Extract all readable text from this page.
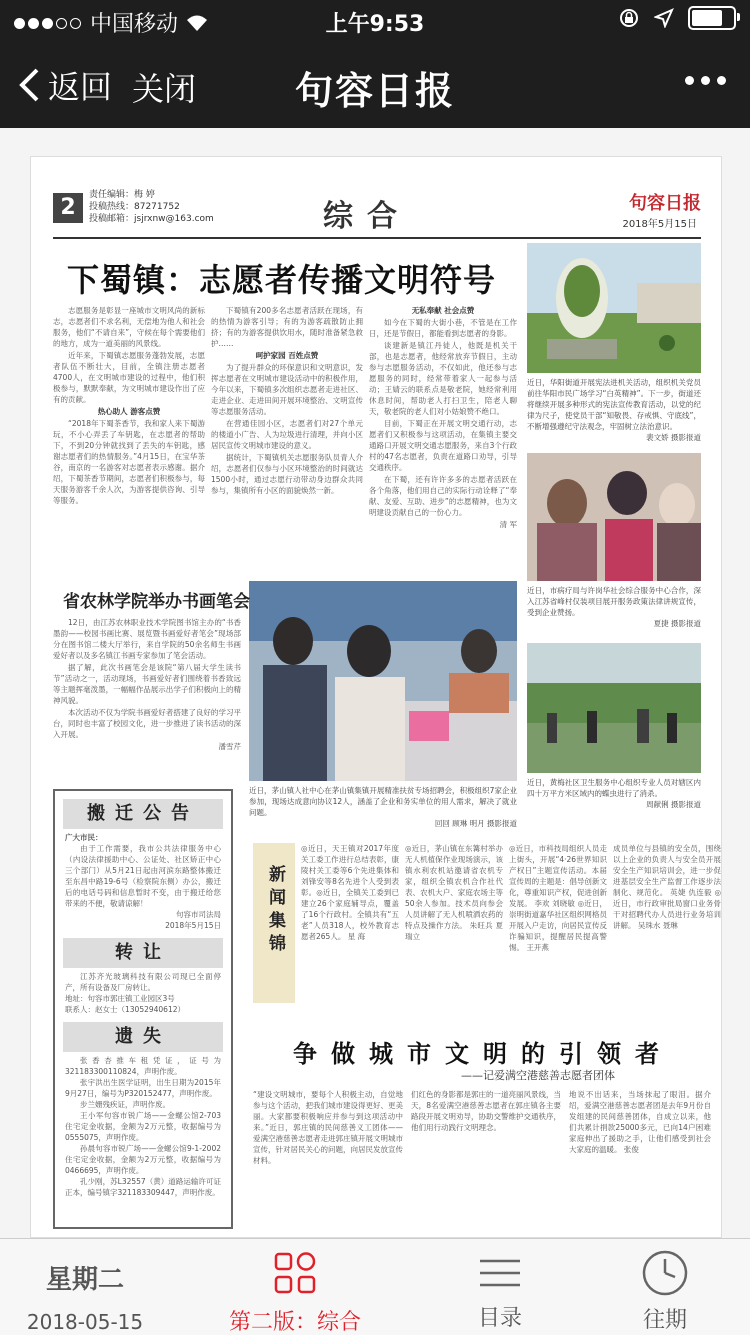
中国移动	上午9:53
返回 关闭	句容日报
2	责任编辑：梅 婷
投稿热线：87271752
投稿邮箱：jsjrxnw@163.com	综合	句容日报
2018年5月15日
下蜀镇：志愿者传播文明符号

志愿服务是彰显一座城市文明风尚的新标志，志愿者们不求名利，无偿地为他人和社会服务，他们“不请自来”，守候在每个需要他们的地方，成为一道美丽的风景线。

近年来，下蜀镇志愿服务蓬勃发展，志愿者队伍不断壮大，目前，全镇注册志愿者4700人，在文明城市建设的过程中，他们积极参与，默默奉献，为文明城市建设作出了应有的贡献。

热心助人 游客点赞

“2018年下蜀茶香节，我和家人来下蜀游玩，不小心弄丢了车钥匙，在志愿者的帮助下，不到20分钟就找到了丢失的车钥匙，感谢志愿者们的热情服务。”4月15日，在宝华茶谷，南京的一名游客对志愿者表示感谢。据介绍，下蜀茶香节期间，志愿者们积极参与，每天服务游客千余人次，为游客提供咨询、引导等服务。

下蜀镇有200多名志愿者活跃在现场，有的热情为游客引导；有的为游客疏散防止拥挤；有的为游客提供饮用水，随时准备紧急救护……

呵护家园 百姓点赞

为了提升群众的环保意识和文明意识，发挥志愿者在文明城市建设活动中的积极作用，今年以来，下蜀镇多次组织志愿者走进社区、走进企业、走进田间开展环境整治、文明宣传等志愿服务活动。

在营通佳园小区，志愿者们对27个单元的楼道小广告、人为垃圾进行清理，并向小区居民宣传文明城市建设的意义。

据统计，下蜀镇机关志愿服务队员青人介绍，志愿者们仅参与小区环境整治的时间就达1500小时，通过志愿行动带动身边群众共同参与，集镇所有小区的面貌焕然一新。

无私奉献 社会点赞

如今在下蜀的大街小巷，不管是在工作日，还是节假日，都能看到志愿者的身影。

谈建新是镇江丹徒人，他既是机关干部，也是志愿者，他经常放弃节假日，主动参与志愿服务活动，不仅如此，他还参与志愿服务的同时，经常带着家人一起参与活动；王婧云的联系点是敬老院，她经常利用休息时间，帮助老人打扫卫生，陪老人聊天，敬老院的老人们对小姑娘赞不绝口。

目前，下蜀正在开展文明交通行动，志愿者们又积极参与这项活动，在集镇主要交通路口开展文明交通志愿服务，来自3个行政村的47名志愿者，负责在道路口劝导，引导交通秩序。

在下蜀，还有许许多多的志愿者活跃在各个角落，他们用自己的实际行动诠释了“奉献、友爱、互助、进步”的志愿精神，也为文明建设贡献自己的一份心力。

清 军
近日，华阳街道开展宪法进机关活动，组织机关党员前往华阳市民广场学习“白英精神”。下一步，街道还将继续开展多种形式的宪法宣传教育活动，以党的纪律为尺子，使党员干部“知敬畏、存戒惧、守底线”，不断增强遵纪守法观念，牢固树立法治意识。
裴文娇 摄影报道
近日，市病疗局与许岗华社会综合服务中心合作，深入江苏省峰村仅装项目展开服务政策法律讲规宣传，受到企业赞扬。
夏捷 摄影报道
近日，茅山镇人社中心在茅山镇集镇开展精准扶贫专场招聘会，积极组织7家企业参加，现场达成意向协议12人，涵盖了企业和务实单位的用人需求，解决了就业问题。
回回 顾琳 明月 摄影报道
近日，黄梅社区卫生服务中心组织专业人员对辖区内四十万平方米区域内的蝶虫进行了消杀。
周献俐 摄影报道
省农林学院举办书画笔会

12日，由江苏农林职业技术学院图书馆主办的“书香墨韵——校园书画比赛、展览暨书画爱好者笔会”现场部分在图书馆二楼大厅举行，来自学院的50余名师生书画爱好者以及多名镇江书画专家参加了笔会活动。

据了解，此次书画笔会是该院“第八届大学生读书节”活动之一，活动现场，书画爱好者们围绕着书香致远等主题挥毫泼墨，一幅幅作品展示出学子们积极向上的精神风貌。

本次活动不仅为学院书画爱好者搭建了良好的学习平台，同时也丰富了校园文化，进一步推进了读书活动的深入开展。

潘雪芹
搬迁公告
广大市民：

由于工作需要，我市公共法律服务中心（内设法律援助中心、公证处、社区矫正中心三个部门）从5月21日起由河滨东路整体搬迁至东昌中路19-6号（检察院东侧）办公，搬迁后的电话号码和信息暂时不变，由于搬迁给您带来的不便，敬请谅解！

句容市司法局
2018年5月15日
转让

江苏齐光玻璃科技有限公司现已全面停产，所有设备及厂房转让。

地址：句容市郭庄镇工业园区3号
联系人：赵女士（13052940612）
遗失

张香杏推车租凭证，证号为321183300110824，声明作废。

张宇洪出生医学证明，出生日期为2015年9月27日，编号为P320152477，声明作废。

步兰姗残疾证，声明作废。

王小军句容市锐广场——金螺公馆2-703住宅定金收据，金额为2万元整，收据编号为0555075，声明作废。

孙晨句容市锐广场——金螺公馆9-1-2002住宅定金收据，金额为2万元整，收据编号为0466695，声明作废。

孔少刚，苏L32557（黄）道路运输许可证正本，编号镇字321183309447，声明作废。

新闻集锦
◎近日，天王镇对2017年度关工委工作进行总结表彰，康陵村关工委等6个先进集体和刘锋安等8名先进个人受到表彰。◎近日，全镇关工委到已建立26个家庭辅导点，覆盖了16个行政村。全镇共有“五老”人员318人，校外教育志愿者265人。 星 海
◎近日，茅山镇在东篝村举办无人机植保作业现场演示，该镇水利农机站邀请省农机专家，组织全镇农机合作社代表、农机大户、家庭农场主等50余人参加。技术员向参会人员讲解了无人机喷洒农药的特点及操作方法。 朱旺兵 夏瑞立
◎近日，市科技局组织人员走上街头，开展“4·26世界知识产权日”主题宣传活动。本届宣传周的主题是：倡导创新文化，尊重知识产权，促进创新发展。 李欢 刘晓敏 ◎近日，崇明街道嘉华社区组织网格员开展入户走访，向居民宣传反诈骗知识，提醒居民提高警惕。 王开燕
成员单位与县镇的安全员，围绕以上企业的负责人与安全员开展安全生产知识培训会，进一步促进基层安全生产监督工作逐步法制化、规范化。 英婕 仇连毅 ◎近日，市行政审批局窗口业务骨干对招聘代办人员进行业务培训讲解。 吴珠水 聂琳
争做城市文明的引领者
——记爱满空港慈善志愿者团体
“建设文明城市，要每个人积极主动，自觉地参与这个活动，把我们城市建设得更好、更美丽。大家都要积极响应并参与到这项活动中来。”近日，郭庄镇的民间慈善义工团体——爱满空港慈善志愿者走进郭庄镇开展文明城市宣传，针对居民关心的问题，向居民发放宣传材料。
们红色的身影都是郭庄的一道亮丽风景线，当天，8名爱满空港慈善志愿者在郭庄镇各主要路段开展文明劝导，协助交警维护交通秩序，他们用行动践行文明理念。
地说不出话来，当场抹起了眼泪。据介绍，爱满空港慈善志愿者团是去年9月份自发组建的民间慈善团体，自成立以来，他们共累计捐款25000多元，已向14户困难家庭伸出了援助之手，让他们感受到社会大家庭的温暖。 张俊
星期二
2018-05-15	第二版：综合	目录	往期
